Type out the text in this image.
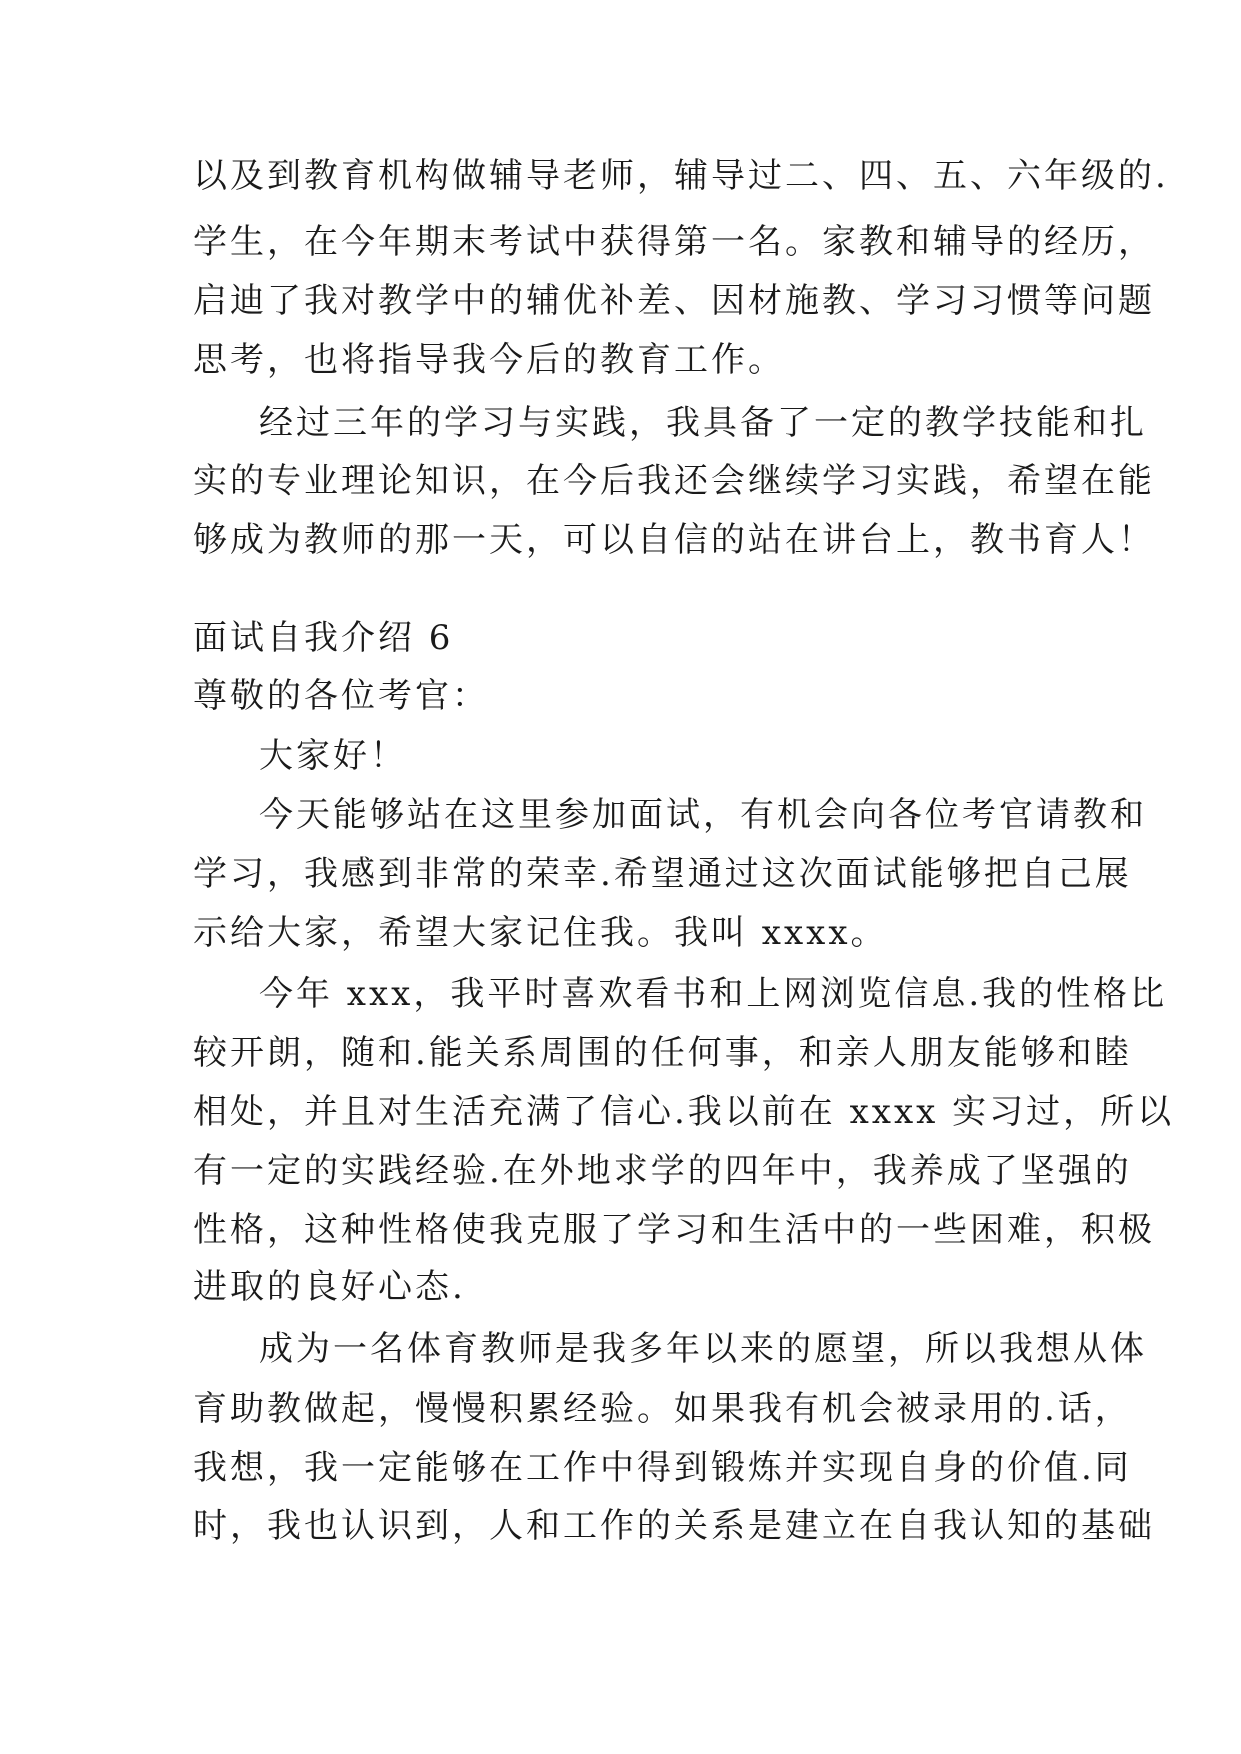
以及到教育机构做辅导老师，辅导过二、四、五、六年级的.
学生，在今年期末考试中获得第一名。家教和辅导的经历，
启迪了我对教学中的辅优补差、因材施教、学习习惯等问题
思考，也将指导我今后的教育工作。
经过三年的学习与实践，我具备了一定的教学技能和扎
实的专业理论知识，在今后我还会继续学习实践，希望在能
够成为教师的那一天，可以自信的站在讲台上，教书育人！
面试自我介绍 6
尊敬的各位考官：
大家好！
今天能够站在这里参加面试，有机会向各位考官请教和
学习，我感到非常的荣幸.希望通过这次面试能够把自己展
示给大家，希望大家记住我。我叫 xxxx。
今年 xxx，我平时喜欢看书和上网浏览信息.我的性格比
较开朗，随和.能关系周围的任何事，和亲人朋友能够和睦
相处，并且对生活充满了信心.我以前在 xxxx 实习过，所以
有一定的实践经验.在外地求学的四年中，我养成了坚强的
性格，这种性格使我克服了学习和生活中的一些困难，积极
进取的良好心态.
成为一名体育教师是我多年以来的愿望，所以我想从体
育助教做起，慢慢积累经验。如果我有机会被录用的.话，
我想，我一定能够在工作中得到锻炼并实现自身的价值.同
时，我也认识到，人和工作的关系是建立在自我认知的基础
